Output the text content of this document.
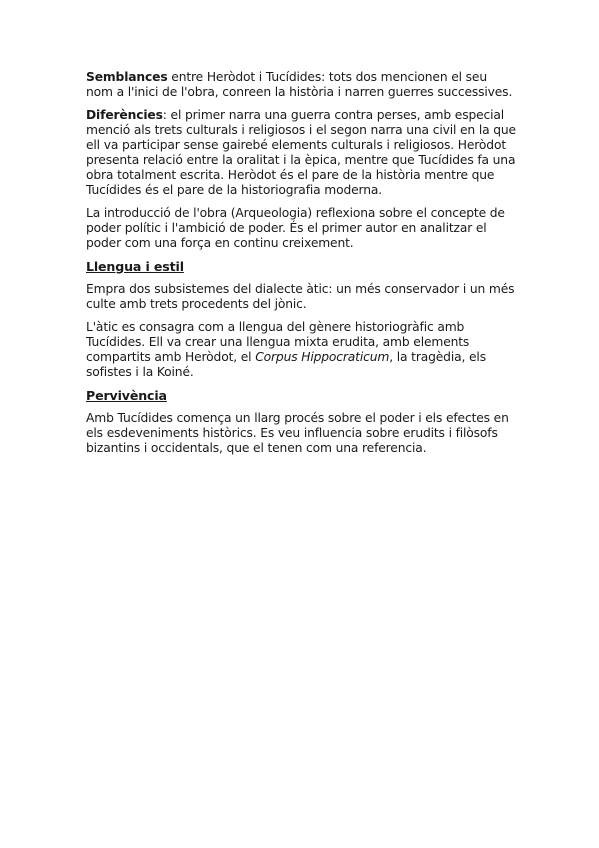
Semblances entre Heròdot i Tucídides: tots dos mencionen el seu nom a l'inici de l'obra, conreen la història i narren guerres successives.

Diferències: el primer narra una guerra contra perses, amb especial menció als trets culturals i religiosos i el segon narra una civil en la que ell va participar sense gairebé elements culturals i religiosos. Heròdot presenta relació entre la oralitat i la èpica, mentre que Tucídides fa una obra totalment escrita. Heròdot és el pare de la història mentre que Tucídides és el pare de la historiografia moderna.

La introducció de l'obra (Arqueologia) reflexiona sobre el concepte de poder polític i l'ambició de poder. És el primer autor en analitzar el poder com una força en continu creixement.

Llengua i estil

Empra dos subsistemes del dialecte àtic: un més conservador i un més culte amb trets procedents del jònic.

L'àtic es consagra com a llengua del gènere historiogràfic amb Tucídides. Ell va crear una llengua mixta erudita, amb elements compartits amb Heròdot, el Corpus Hippocraticum, la tragèdia, els sofistes i la Koiné.

Pervivència

Amb Tucídides comença un llarg procés sobre el poder i els efectes en els esdeveniments històrics. Es veu influencia sobre erudits i filòsofs bizantins i occidentals, que el tenen com una referencia.
